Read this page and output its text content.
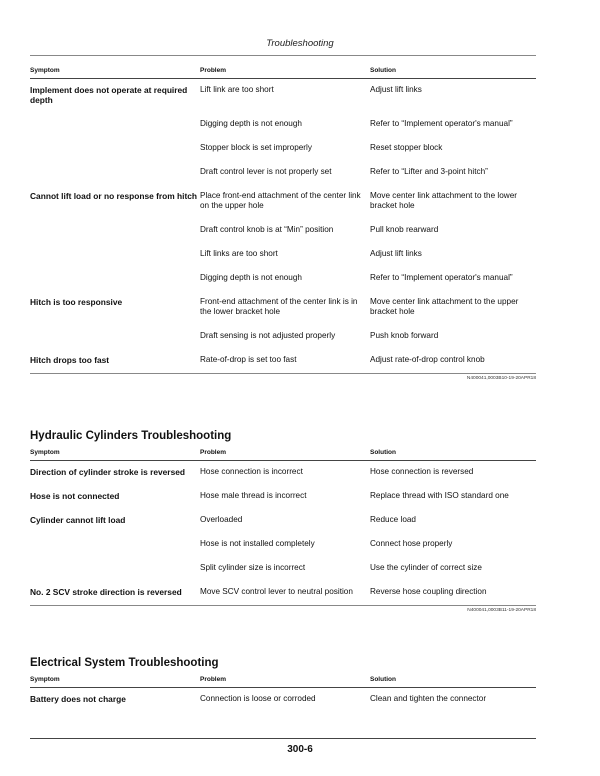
Troubleshooting
Symptom	Problem	Solution
Implement does not operate at required depth	Lift link are too short	Adjust lift links
	Digging depth is not enough	Refer to “Implement operator's manual”
	Stopper block is set improperly	Reset stopper block
	Draft control lever is not properly set	Refer to “Lifter and 3-point hitch”
Cannot lift load or no response from hitch	Place front-end attachment of the center link on the upper hole	Move center link attachment to the lower bracket hole
	Draft control knob is at “Min” position	Pull knob rearward
	Lift links are too short	Adjust lift links
	Digging depth is not enough	Refer to “Implement operator's manual”
Hitch is too responsive	Front-end attachment of the center link is in the lower bracket hole	Move center link attachment to the upper bracket hole
	Draft sensing is not adjusted properly	Push knob forward
Hitch drops too fast	Rate-of-drop is set too fast	Adjust rate-of-drop control knob
N400041,0003B10-19-20APR18
Hydraulic Cylinders Troubleshooting
Symptom	Problem	Solution
Direction of cylinder stroke is reversed	Hose connection is incorrect	Hose connection is reversed
Hose is not connected	Hose male thread is incorrect	Replace thread with ISO standard one
Cylinder cannot lift load	Overloaded	Reduce load
	Hose is not installed completely	Connect hose properly
	Split cylinder size is incorrect	Use the cylinder of correct size
No. 2 SCV stroke direction is reversed	Move SCV control lever to neutral position	Reverse hose coupling direction
N400041,0003B11-19-20APR18
Electrical System Troubleshooting
Symptom	Problem	Solution
Battery does not charge	Connection is loose or corroded	Clean and tighten the connector
300-6
